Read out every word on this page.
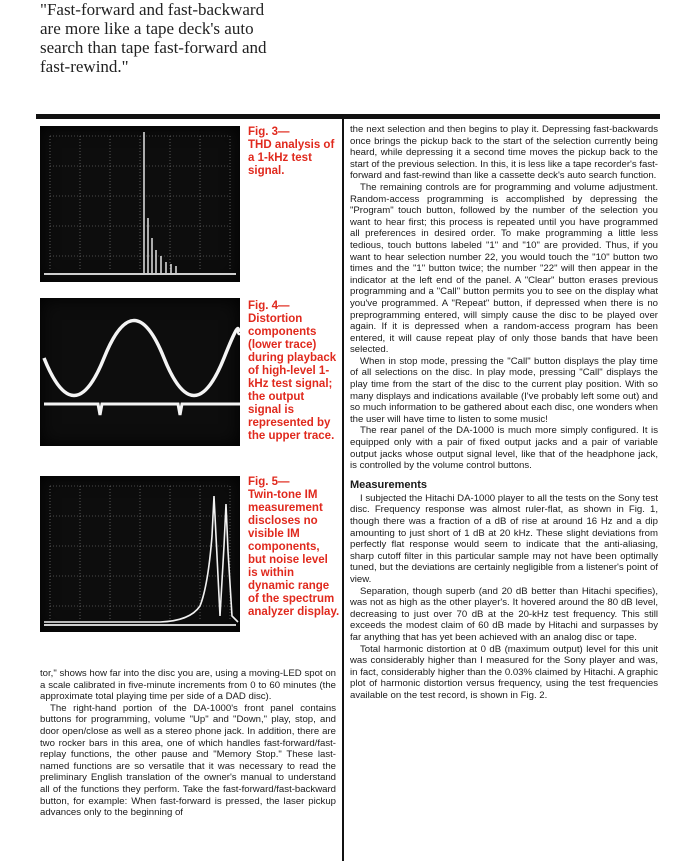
"Fast-forward and fast-backward are more like a tape deck's auto search than tape fast-forward and fast-rewind."
Fig. 3—
THD analysis of a 1-kHz test signal.
Fig. 4—
Distortion components (lower trace) during playback of high-level 1-kHz test signal; the output signal is represented by the upper trace.
Fig. 5—
Twin-tone IM measurement discloses no visible IM components, but noise level is within dynamic range of the spectrum analyzer display.

tor," shows how far into the disc you are, using a moving-LED spot on a scale calibrated in five-minute increments from 0 to 60 minutes (the approximate total playing time per side of a DAD disc).

The right-hand portion of the DA-1000's front panel contains buttons for programming, volume "Up" and "Down," play, stop, and door open/close as well as a stereo phone jack. In addition, there are two rocker bars in this area, one of which handles fast-forward/fast-replay functions, the other pause and "Memory Stop." These last-named functions are so versatile that it was necessary to read the preliminary English translation of the owner's manual to understand all of the functions they perform. Take the fast-forward/fast-backward button, for example: When fast-forward is pressed, the laser pickup advances only to the beginning of

the next selection and then begins to play it. Depressing fast-backwards once brings the pickup back to the start of the selection currently being heard, while depressing it a second time moves the pickup back to the start of the previous selection. In this, it is less like a tape recorder's fast-forward and fast-rewind than like a cassette deck's auto search function.

The remaining controls are for programming and volume adjustment. Random-access programming is accomplished by depressing the "Program" touch button, followed by the number of the selection you want to hear first; this process is repeated until you have programmed all preferences in desired order. To make programming a little less tedious, touch buttons labeled "1" and "10" are provided. Thus, if you want to hear selection number 22, you would touch the "10" button two times and the "1" button twice; the number "22" will then appear in the indicator at the left end of the panel. A "Clear" button erases previous programming and a "Call" button permits you to see on the display what you've programmed. A "Repeat" button, if depressed when there is no preprogramming entered, will simply cause the disc to be played over again. If it is depressed when a random-access program has been entered, it will cause repeat play of only those bands that have been selected.

When in stop mode, pressing the "Call" button displays the play time of all selections on the disc. In play mode, pressing "Call" displays the play time from the start of the disc to the current play position. With so many displays and indications available (I've probably left some out) and so much information to be gathered about each disc, one wonders when the user will have time to listen to some music!

The rear panel of the DA-1000 is much more simply configured. It is equipped only with a pair of fixed output jacks and a pair of variable output jacks whose output signal level, like that of the headphone jack, is controlled by the volume control buttons.

Measurements

I subjected the Hitachi DA-1000 player to all the tests on the Sony test disc. Frequency response was almost ruler-flat, as shown in Fig. 1, though there was a fraction of a dB of rise at around 16 Hz and a dip amounting to just short of 1 dB at 20 kHz. These slight deviations from perfectly flat response would seem to indicate that the anti-aliasing, sharp cutoff filter in this particular sample may not have been optimally tuned, but the deviations are certainly negligible from a listener's point of view.

Separation, though superb (and 20 dB better than Hitachi specifies), was not as high as the other player's. It hovered around the 80 dB level, decreasing to just over 70 dB at the 20-kHz test frequency. This still exceeds the modest claim of 60 dB made by Hitachi and surpasses by far anything that has yet been achieved with an analog disc or tape.

Total harmonic distortion at 0 dB (maximum output) level for this unit was considerably higher than I measured for the Sony player and was, in fact, considerably higher than the 0.03% claimed by Hitachi. A graphic plot of harmonic distortion versus frequency, using the test frequencies available on the test record, is shown in Fig. 2.
